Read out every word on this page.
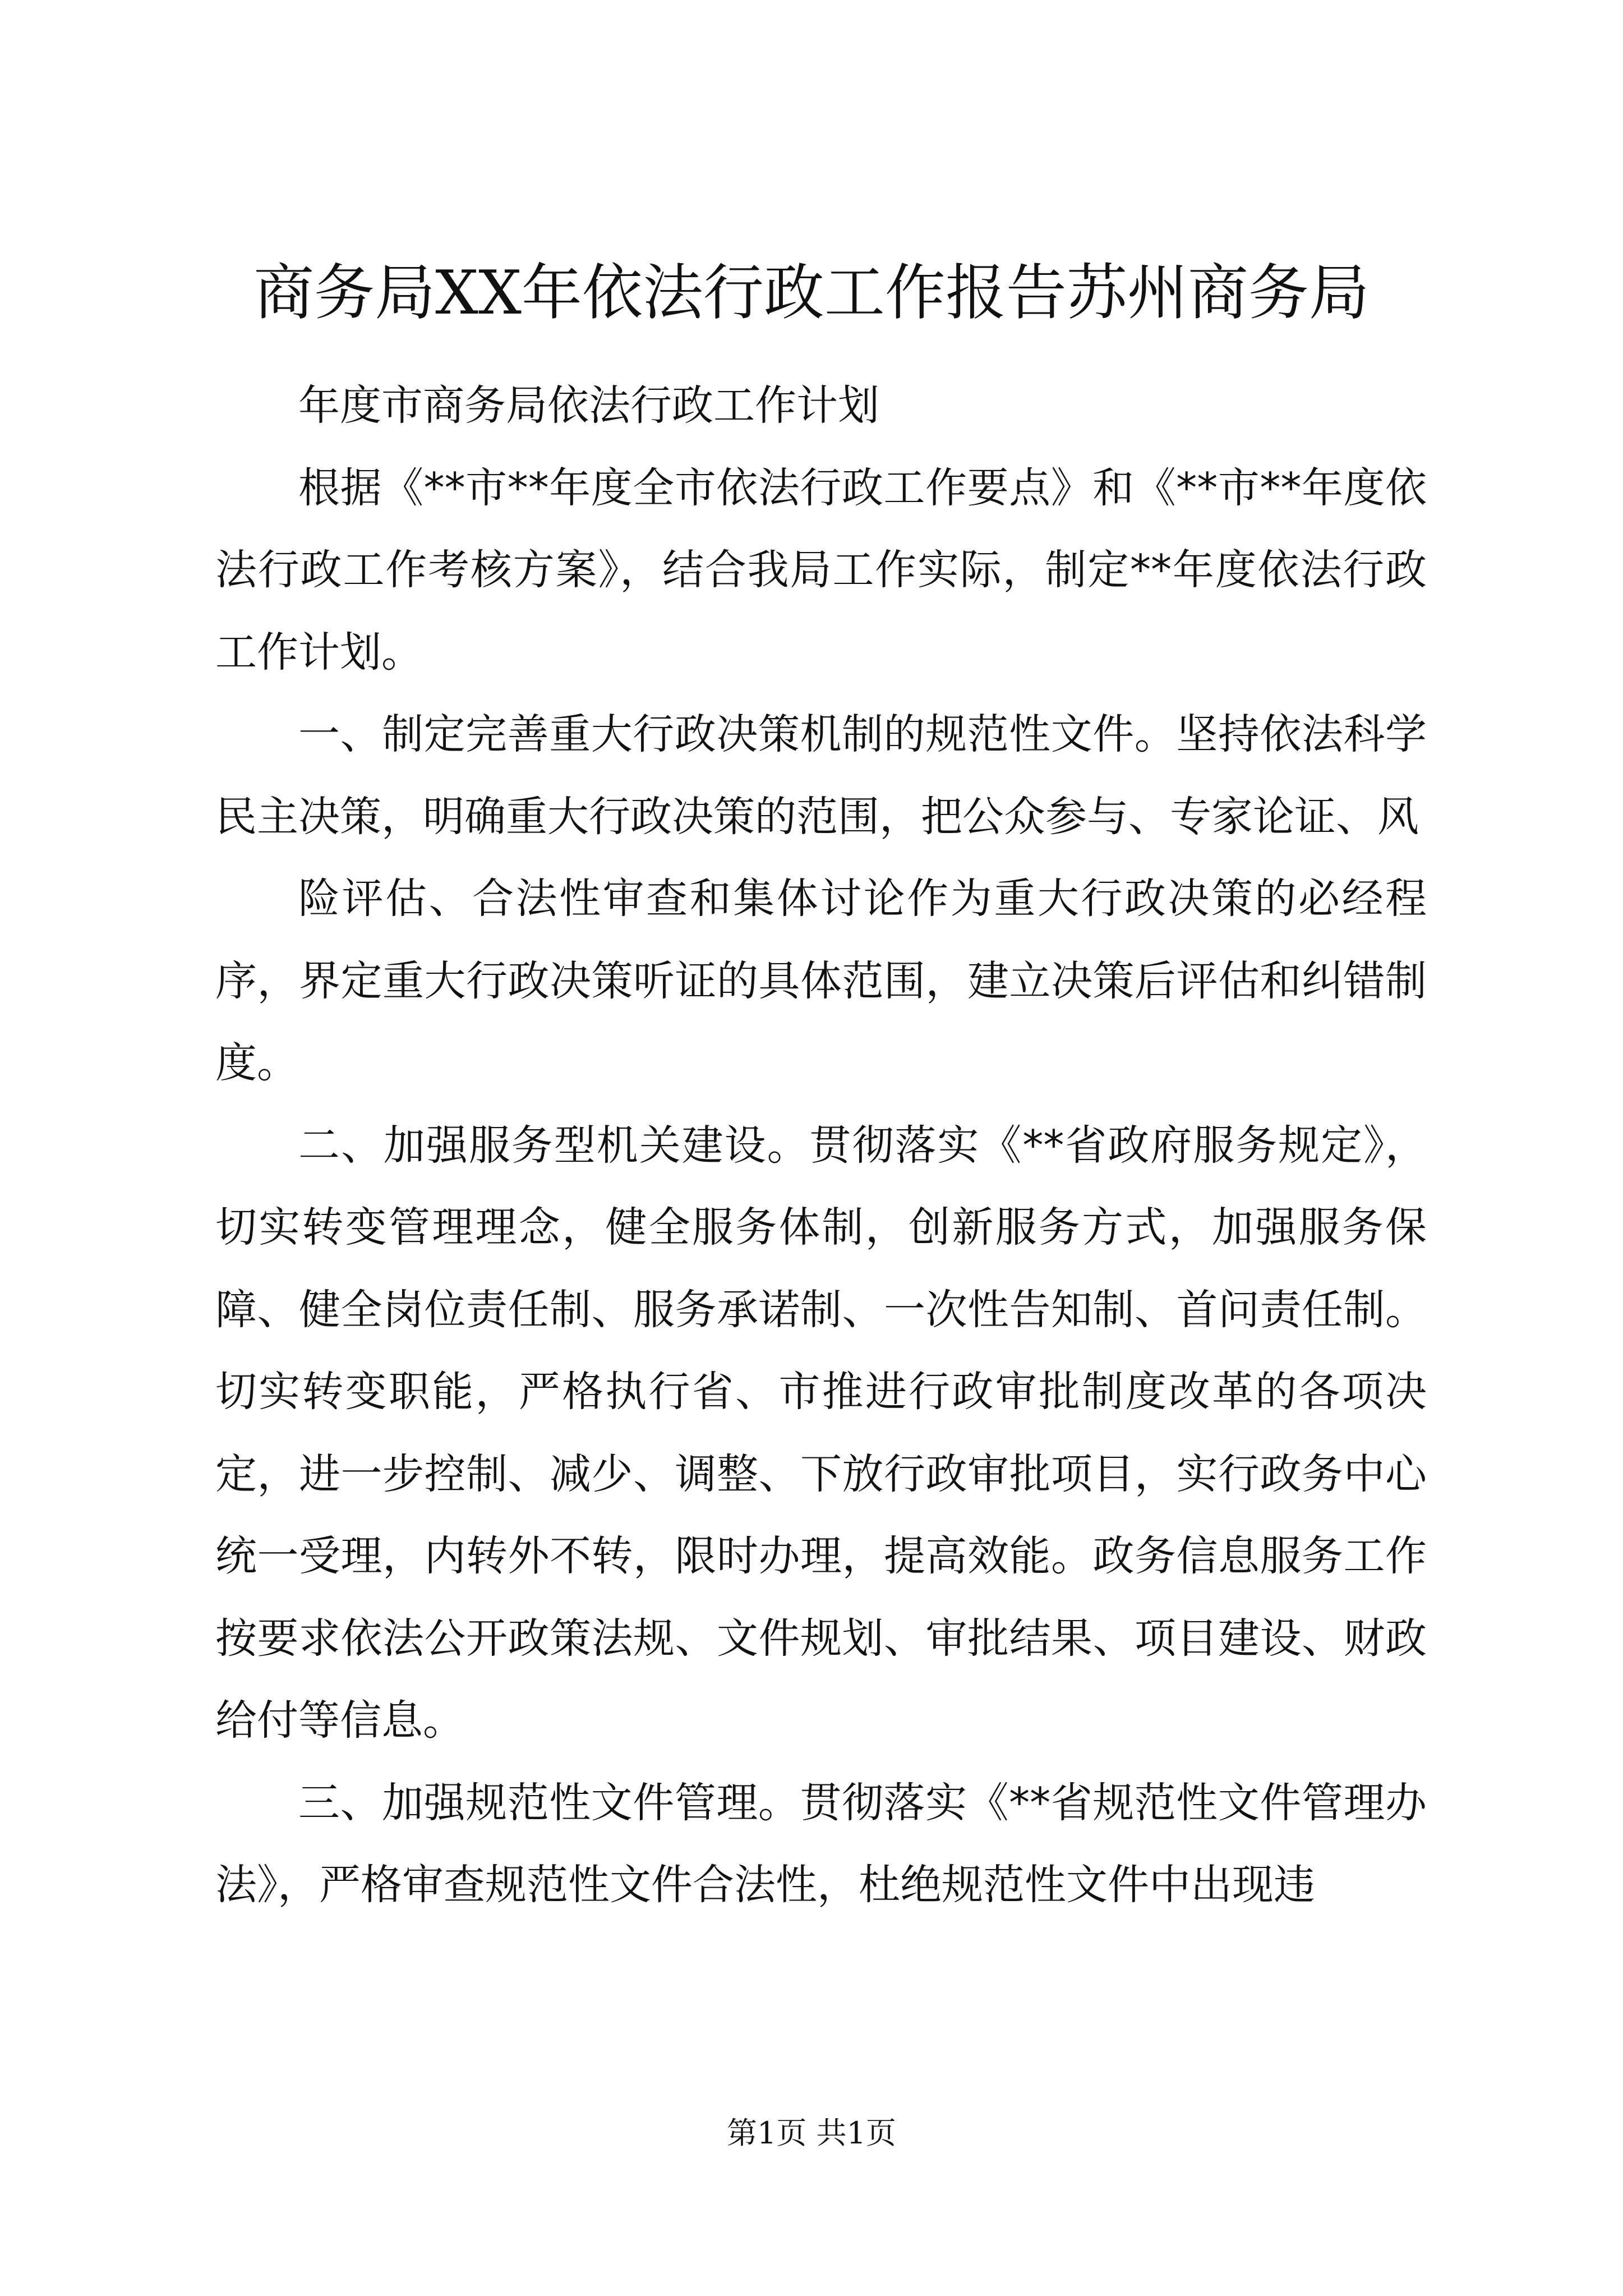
商务局XX年依法行政工作报告苏州商务局

年度市商务局依法行政工作计划

根据《**市**年度全市依法行政工作要点》和《**市**年度依法行政工作考核方案》，结合我局工作实际，制定**年度依法行政工作计划。

一、制定完善重大行政决策机制的规范性文件。坚持依法科学民主决策，明确重大行政决策的范围，把公众参与、专家论证、风

险评估、合法性审查和集体讨论作为重大行政决策的必经程序，界定重大行政决策听证的具体范围，建立决策后评估和纠错制度。

二、加强服务型机关建设。贯彻落实《**省政府服务规定》，切实转变管理理念，健全服务体制，创新服务方式，加强服务保障、健全岗位责任制、服务承诺制、一次性告知制、首问责任制。切实转变职能，严格执行省、市推进行政审批制度改革的各项决定，进一步控制、减少、调整、下放行政审批项目，实行政务中心统一受理，内转外不转，限时办理，提高效能。政务信息服务工作按要求依法公开政策法规、文件规划、审批结果、项目建设、财政给付等信息。

三、加强规范性文件管理。贯彻落实《**省规范性文件管理办法》，严格审查规范性文件合法性，杜绝规范性文件中出现违

第1页 共1页
